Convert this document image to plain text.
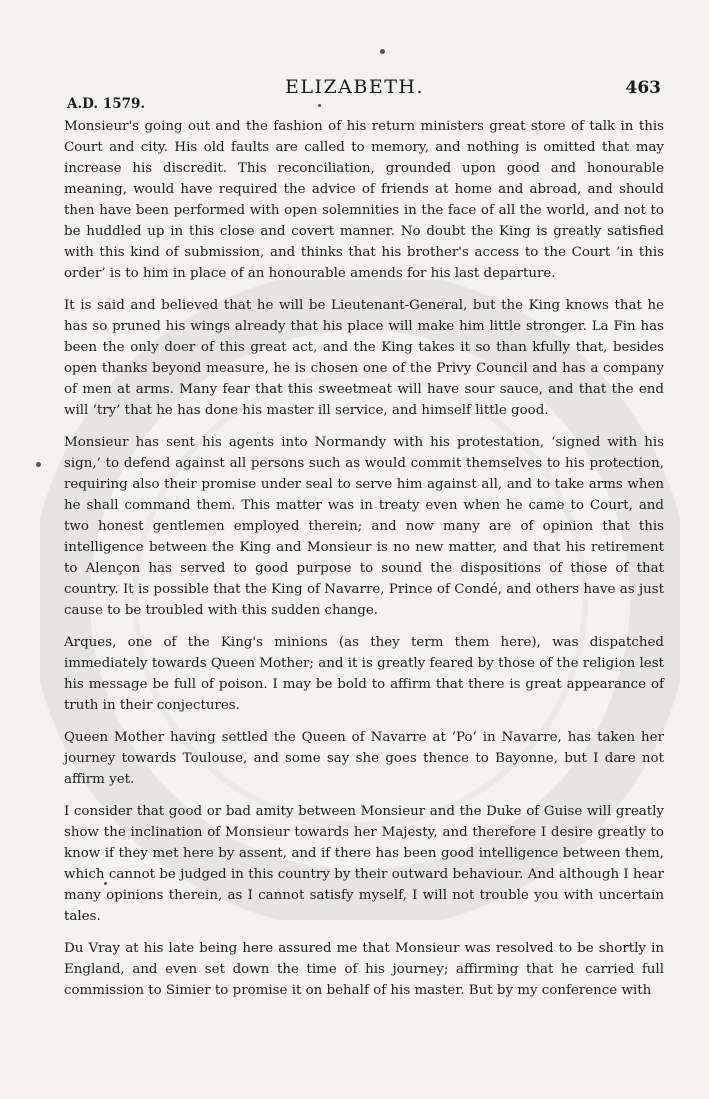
ELIZABETH.	463
A.D. 1579.

Monsieur's going out and the fashion of his return ministers great store of talk in this Court and city. His old faults are called to memory, and nothing is omitted that may increase his discredit. This reconciliation, grounded upon good and honourable meaning, would have required the advice of friends at home and abroad, and should then have been performed with open solemnities in the face of all the world, and not to be huddled up in this close and covert manner. No doubt the King is greatly satisfied with this kind of submission, and thinks that his brother's access to the Court ‘in this order’ is to him in place of an honourable amends for his last departure.

It is said and believed that he will be Lieutenant-General, but the King knows that he has so pruned his wings already that his place will make him little stronger. La Fin has been the only doer of this great act, and the King takes it so than kfully that, besides open thanks beyond measure, he is chosen one of the Privy Council and has a company of men at arms. Many fear that this sweetmeat will have sour sauce, and that the end will ‘try’ that he has done his master ill service, and himself little good.

Monsieur has sent his agents into Normandy with his protestation, ‘signed with his sign,’ to defend against all persons such as would commit themselves to his protection, requiring also their promise under seal to serve him against all, and to take arms when he shall command them. This matter was in treaty even when he came to Court, and two honest gentlemen employed therein; and now many are of opinion that this intelligence between the King and Monsieur is no new matter, and that his retirement to Alençon has served to good purpose to sound the dispositions of those of that country. It is possible that the King of Navarre, Prince of Condé, and others have as just cause to be troubled with this sudden change.

Arques, one of the King's minions (as they term them here), was dispatched immediately towards Queen Mother; and it is greatly feared by those of the religion lest his message be full of poison. I may be bold to affirm that there is great appearance of truth in their conjectures.

Queen Mother having settled the Queen of Navarre at ‘Po’ in Navarre, has taken her journey towards Toulouse, and some say she goes thence to Bayonne, but I dare not affirm yet.

I consider that good or bad amity between Monsieur and the Duke of Guise will greatly show the inclination of Monsieur towards her Majesty, and therefore I desire greatly to know if they met here by assent, and if there has been good intelligence between them, which cannot be judged in this country by their outward behaviour. And although I hear many opinions therein, as I cannot satisfy myself, I will not trouble you with uncertain tales.

Du Vray at his late being here assured me that Monsieur was resolved to be shortly in England, and even set down the time of his journey; affirming that he carried full commission to Simier to promise it on behalf of his master. But by my conference with
